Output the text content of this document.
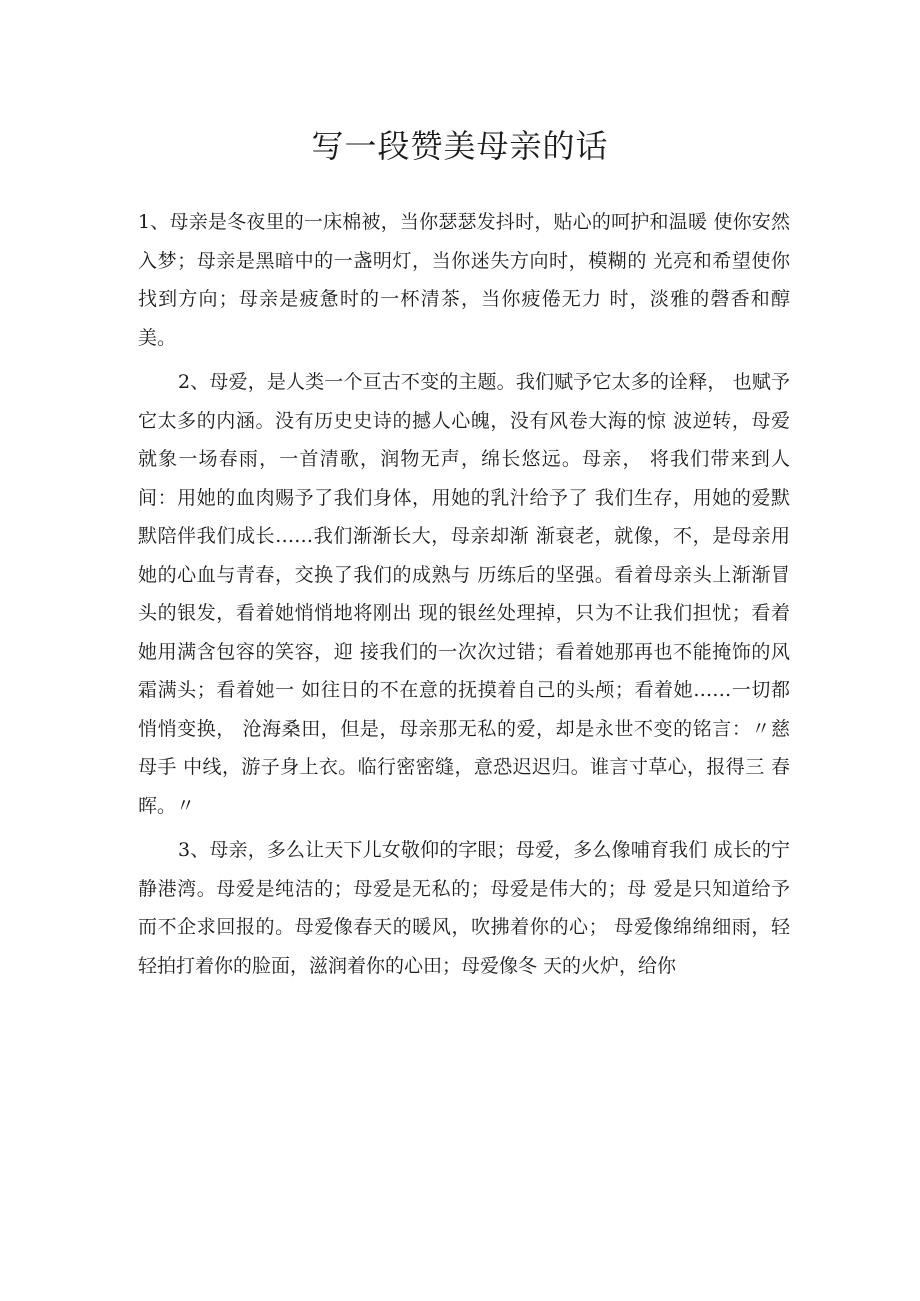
写一段赞美母亲的话

1、母亲是冬夜里的一床棉被，当你瑟瑟发抖时，贴心的呵护和温暖 使你安然入梦；母亲是黑暗中的一盏明灯，当你迷失方向时，模糊的 光亮和希望使你找到方向；母亲是疲惫时的一杯清茶，当你疲倦无力 时，淡雅的磬香和醇美。

2、母爱，是人类一个亘古不变的主题。我们赋予它太多的诠释， 也赋予它太多的内涵。没有历史史诗的撼人心魄，没有风卷大海的惊 波逆转，母爱就象一场春雨，一首清歌，润物无声，绵长悠远。母亲， 将我们带来到人间：用她的血肉赐予了我们身体，用她的乳汁给予了 我们生存，用她的爱默默陪伴我们成长……我们渐渐长大，母亲却渐 渐衰老，就像，不，是母亲用她的心血与青春，交换了我们的成熟与 历练后的坚强。看着母亲头上渐渐冒头的银发，看着她悄悄地将刚出 现的银丝处理掉，只为不让我们担忧；看着她用满含包容的笑容，迎 接我们的一次次过错；看着她那再也不能掩饰的风霜满头；看着她一 如往日的不在意的抚摸着自己的头颅；看着她……一切都悄悄变换， 沧海桑田，但是，母亲那无私的爱，却是永世不变的铭言：〃慈母手 中线，游子身上衣。临行密密缝，意恐迟迟归。谁言寸草心，报得三 春晖。〃

3、母亲，多么让天下儿女敬仰的字眼；母爱，多么像哺育我们 成长的宁静港湾。母爱是纯洁的；母爱是无私的；母爱是伟大的；母 爱是只知道给予而不企求回报的。母爱像春天的暖风，吹拂着你的心； 母爱像绵绵细雨，轻轻拍打着你的脸面，滋润着你的心田；母爱像冬 天的火炉，给你
